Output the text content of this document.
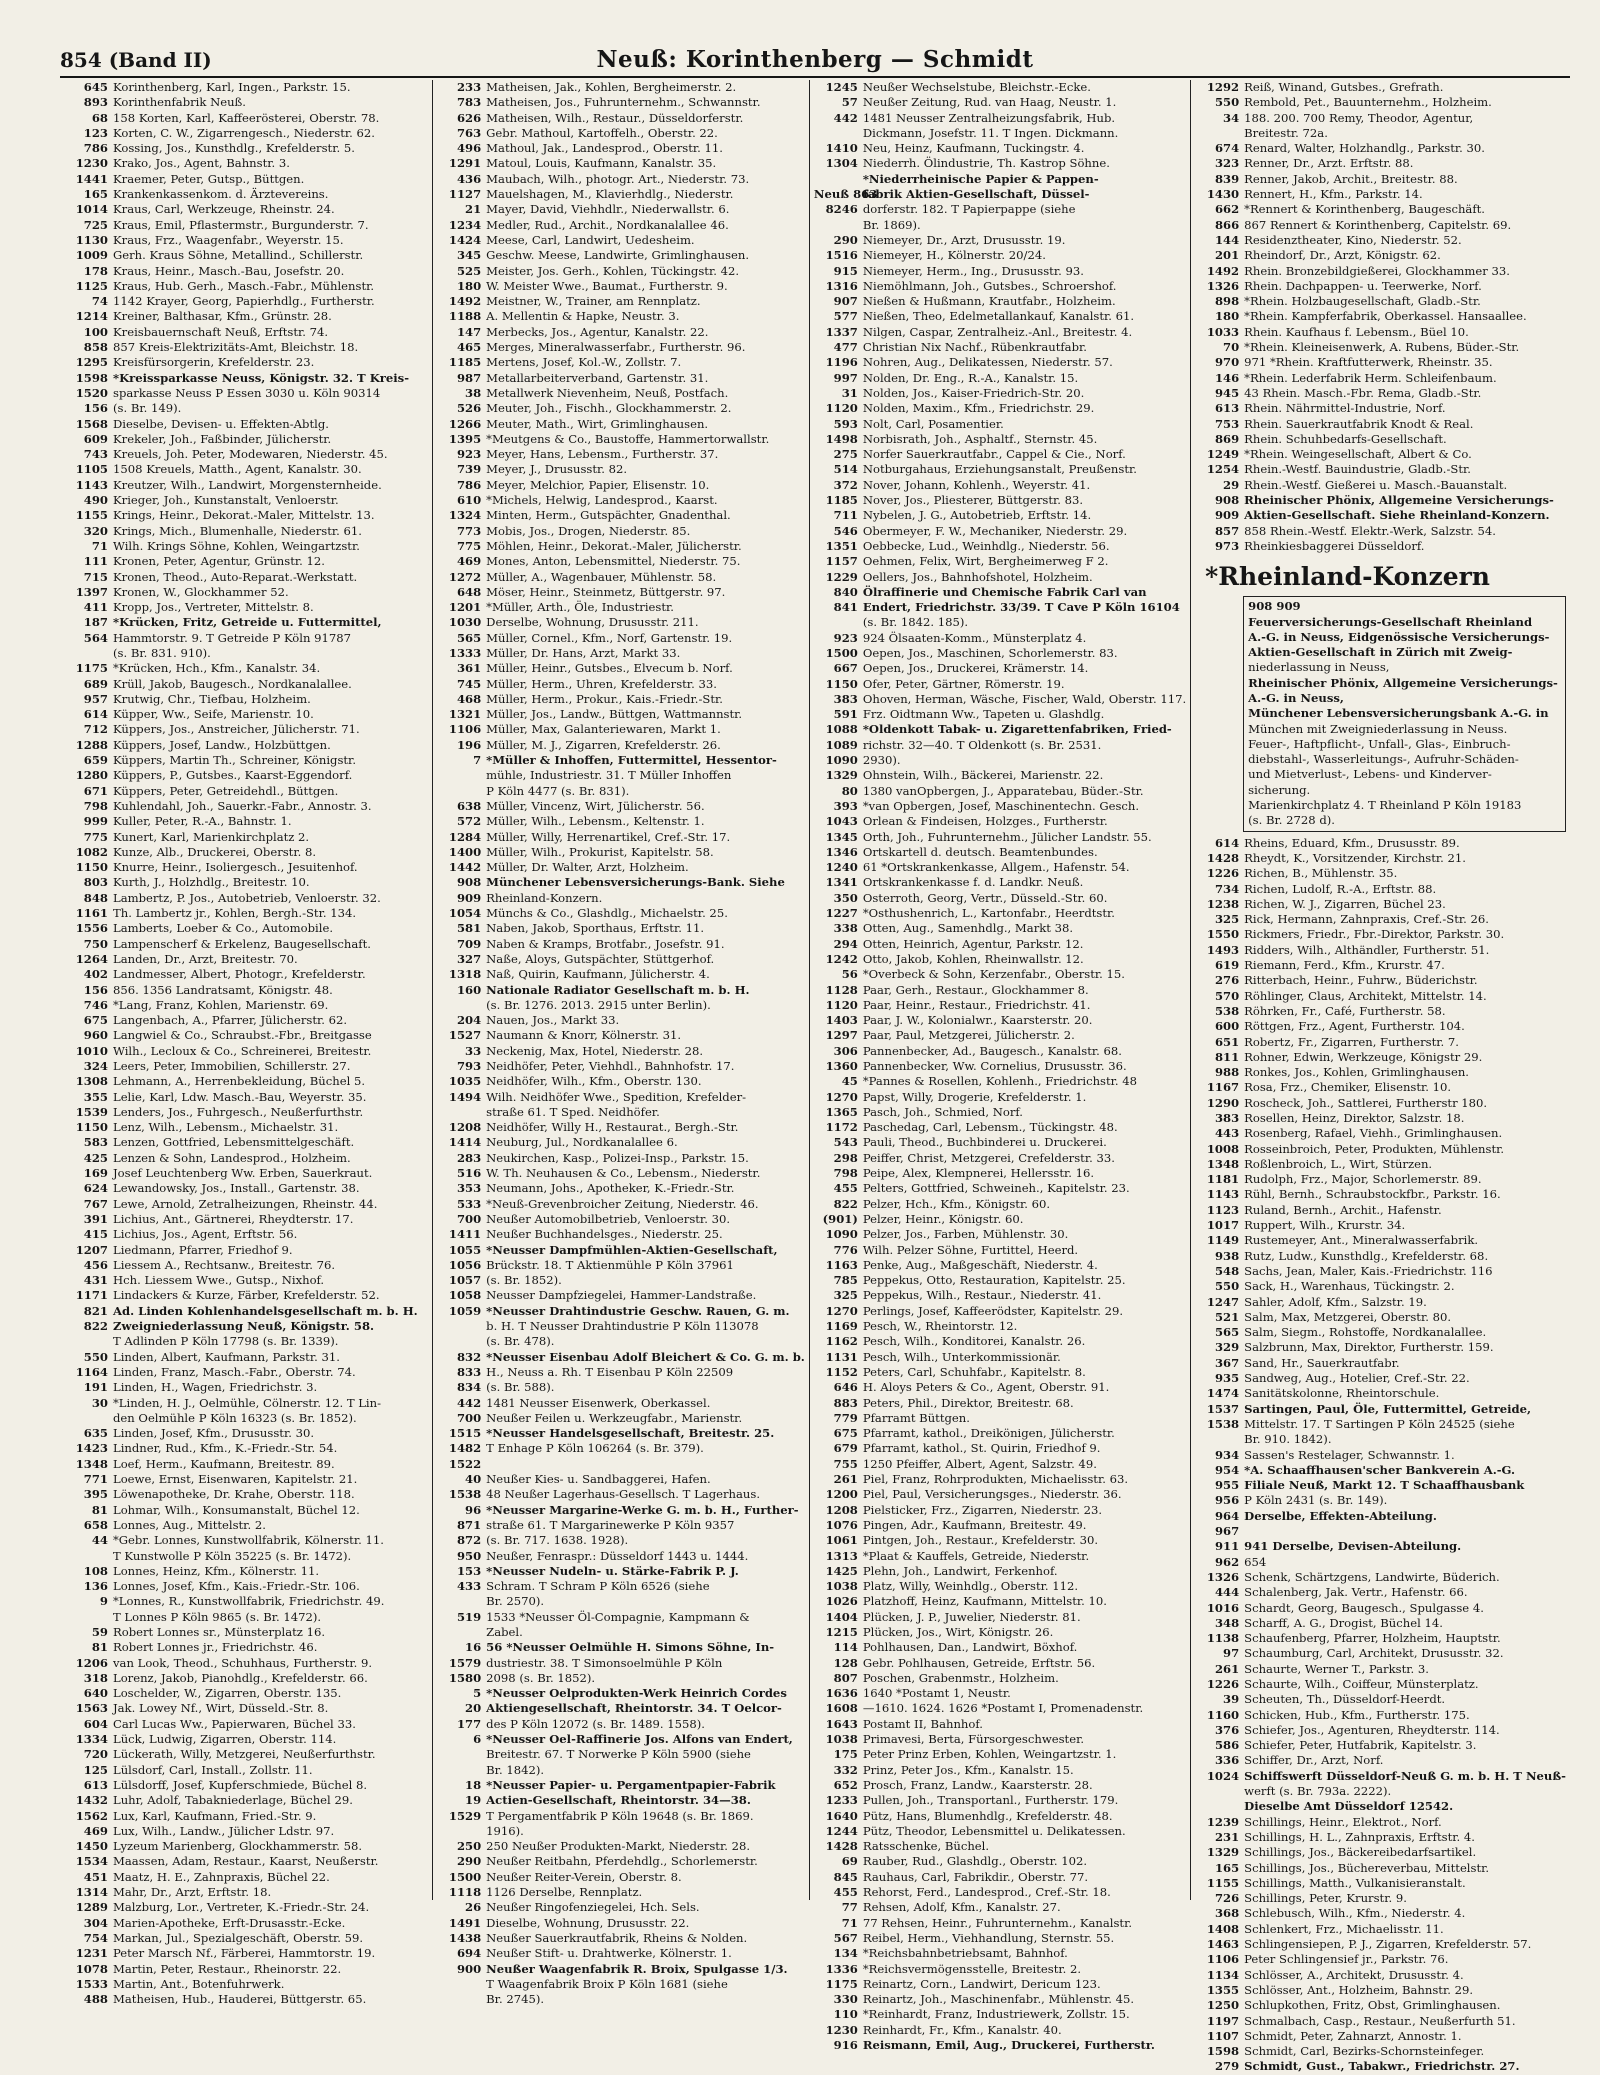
854 (Band II)	Neuß: Korinthenberg — Schmidt
645 Korinthenberg, Karl, Ingen., Parkstr. 15.
893 Korinthenfabrik Neuß.
68 158 Korten, Karl, Kaffeerösterei, Oberstr. 78.
123 Korten, C. W., Zigarrengesch., Niederstr. 62.
786 Kossing, Jos., Kunsthdlg., Krefelderstr. 5.
1230 Krako, Jos., Agent, Bahnstr. 3.
1441 Kraemer, Peter, Gutsp., Büttgen.
165 Krankenkassenkom. d. Ärztevereins.
1014 Kraus, Carl, Werkzeuge, Rheinstr. 24.
725 Kraus, Emil, Pflastermstr., Burgunderstr. 7.
1130 Kraus, Frz., Waagenfabr., Weyerstr. 15.
1009 Gerh. Kraus Söhne, Metallind., Schillerstr.
178 Kraus, Heinr., Masch.-Bau, Josefstr. 20.
1125 Kraus, Hub. Gerh., Masch.-Fabr., Mühlenstr.
74 1142 Krayer, Georg, Papierhdlg., Furtherstr.
1214 Kreiner, Balthasar, Kfm., Grünstr. 28.
100 Kreisbauernschaft Neuß, Erftstr. 74.
858 857 Kreis-Elektrizitäts-Amt, Bleichstr. 18.
1295 Kreisfürsorgerin, Krefelderstr. 23.
1598 *Kreissparkasse Neuss, Königstr. 32. T Kreis-
1520 sparkasse Neuss P Essen 3030 u. Köln 90314
156 (s. Br. 149).
1568 Dieselbe, Devisen- u. Effekten-Abtlg.
609 Krekeler, Joh., Faßbinder, Jülicherstr.
743 Kreuels, Joh. Peter, Modewaren, Niederstr. 45.
1105 1508 Kreuels, Matth., Agent, Kanalstr. 30.
1143 Kreutzer, Wilh., Landwirt, Morgensternheide.
490 Krieger, Joh., Kunstanstalt, Venloerstr.
1155 Krings, Heinr., Dekorat.-Maler, Mittelstr. 13.
320 Krings, Mich., Blumenhalle, Niederstr. 61.
71 Wilh. Krings Söhne, Kohlen, Weingartzstr.
111 Kronen, Peter, Agentur, Grünstr. 12.
715 Kronen, Theod., Auto-Reparat.-Werkstatt.
1397 Kronen, W., Glockhammer 52.
411 Kropp, Jos., Vertreter, Mittelstr. 8.
187 *Krücken, Fritz, Getreide u. Futtermittel,
564 Hammtorstr. 9. T Getreide P Köln 91787
(s. Br. 831. 910).
1175 *Krücken, Hch., Kfm., Kanalstr. 34.
689 Krüll, Jakob, Baugesch., Nordkanalallee.
957 Krutwig, Chr., Tiefbau, Holzheim.
614 Küpper, Ww., Seife, Marienstr. 10.
712 Küppers, Jos., Anstreicher, Jülicherstr. 71.
1288 Küppers, Josef, Landw., Holzbüttgen.
659 Küppers, Martin Th., Schreiner, Königstr.
1280 Küppers, P., Gutsbes., Kaarst-Eggendorf.
671 Küppers, Peter, Getreidehdl., Büttgen.
798 Kuhlendahl, Joh., Sauerkr.-Fabr., Annostr. 3.
999 Kuller, Peter, R.-A., Bahnstr. 1.
775 Kunert, Karl, Marienkirchplatz 2.
1082 Kunze, Alb., Druckerei, Oberstr. 8.
1150 Knurre, Heinr., Isoliergesch., Jesuitenhof.
803 Kurth, J., Holzhdlg., Breitestr. 10.
848 Lambertz, P. Jos., Autobetrieb, Venloerstr. 32.
1161 Th. Lambertz jr., Kohlen, Bergh.-Str. 134.
1556 Lamberts, Loeber & Co., Automobile.
750 Lampenscherf & Erkelenz, Baugesellschaft.
1264 Landen, Dr., Arzt, Breitestr. 70.
402 Landmesser, Albert, Photogr., Krefelderstr.
156 856. 1356 Landratsamt, Königstr. 48.
746 *Lang, Franz, Kohlen, Marienstr. 69.
675 Langenbach, A., Pfarrer, Jülicherstr. 62.
960 Langwiel & Co., Schraubst.-Fbr., Breitgasse
1010 Wilh., Lecloux & Co., Schreinerei, Breitestr.
324 Leers, Peter, Immobilien, Schillerstr. 27.
1308 Lehmann, A., Herrenbekleidung, Büchel 5.
355 Lelie, Karl, Ldw. Masch.-Bau, Weyerstr. 35.
1539 Lenders, Jos., Fuhrgesch., Neußerfurthstr.
1150 Lenz, Wilh., Lebensm., Michaelstr. 31.
583 Lenzen, Gottfried, Lebensmittelgeschäft.
425 Lenzen & Sohn, Landesprod., Holzheim.
169 Josef Leuchtenberg Ww. Erben, Sauerkraut.
624 Lewandowsky, Jos., Install., Gartenstr. 38.
767 Lewe, Arnold, Zetralheizungen, Rheinstr. 44.
391 Lichius, Ant., Gärtnerei, Rheydterstr. 17.
415 Lichius, Jos., Agent, Erftstr. 56.
1207 Liedmann, Pfarrer, Friedhof 9.
456 Liessem A., Rechtsanw., Breitestr. 76.
431 Hch. Liessem Wwe., Gutsp., Nixhof.
1171 Lindackers & Kurze, Färber, Krefelderstr. 52.
821 Ad. Linden Kohlenhandelsgesellschaft m. b. H.
822 Zweigniederlassung Neuß, Königstr. 58.
T Adlinden P Köln 17798 (s. Br. 1339).
550 Linden, Albert, Kaufmann, Parkstr. 31.
1164 Linden, Franz, Masch.-Fabr., Oberstr. 74.
191 Linden, H., Wagen, Friedrichstr. 3.
30 *Linden, H. J., Oelmühle, Cölnerstr. 12. T Lin-
den Oelmühle P Köln 16323 (s. Br. 1852).
635 Linden, Josef, Kfm., Drususstr. 30.
1423 Lindner, Rud., Kfm., K.-Friedr.-Str. 54.
1348 Loef, Herm., Kaufmann, Breitestr. 89.
771 Loewe, Ernst, Eisenwaren, Kapitelstr. 21.
395 Löwenapotheke, Dr. Krahe, Oberstr. 118.
81 Lohmar, Wilh., Konsumanstalt, Büchel 12.
658 Lonnes, Aug., Mittelstr. 2.
44 *Gebr. Lonnes, Kunstwollfabrik, Kölnerstr. 11.
T Kunstwolle P Köln 35225 (s. Br. 1472).
108 Lonnes, Heinz, Kfm., Kölnerstr. 11.
136 Lonnes, Josef, Kfm., Kais.-Friedr.-Str. 106.
9 *Lonnes, R., Kunstwollfabrik, Friedrichstr. 49.
T Lonnes P Köln 9865 (s. Br. 1472).
59 Robert Lonnes sr., Münsterplatz 16.
81 Robert Lonnes jr., Friedrichstr. 46.
1206 van Look, Theod., Schuhhaus, Furtherstr. 9.
318 Lorenz, Jakob, Pianohdlg., Krefelderstr. 66.
640 Loschelder, W., Zigarren, Oberstr. 135.
1563 Jak. Lowey Nf., Wirt, Düsseld.-Str. 8.
604 Carl Lucas Ww., Papierwaren, Büchel 33.
1334 Lück, Ludwig, Zigarren, Oberstr. 114.
720 Lückerath, Willy, Metzgerei, Neußerfurthstr.
125 Lülsdorf, Carl, Install., Zollstr. 11.
613 Lülsdorff, Josef, Kupferschmiede, Büchel 8.
1432 Luhr, Adolf, Tabakniederlage, Büchel 29.
1562 Lux, Karl, Kaufmann, Fried.-Str. 9.
469 Lux, Wilh., Landw., Jülicher Ldstr. 97.
1450 Lyzeum Marienberg, Glockhammerstr. 58.
1534 Maassen, Adam, Restaur., Kaarst, Neußerstr.
451 Maatz, H. E., Zahnpraxis, Büchel 22.
1314 Mahr, Dr., Arzt, Erftstr. 18.
1289 Malzburg, Lor., Vertreter, K.-Friedr.-Str. 24.
304 Marien-Apotheke, Erft-Drusasstr.-Ecke.
754 Markan, Jul., Spezialgeschäft, Oberstr. 59.
1231 Peter Marsch Nf., Färberei, Hammtorstr. 19.
1078 Martin, Peter, Restaur., Rheinorstr. 22.
1533 Martin, Ant., Botenfuhrwerk.
488 Matheisen, Hub., Hauderei, Büttgerstr. 65.
233 Matheisen, Jak., Kohlen, Bergheimerstr. 2.
783 Matheisen, Jos., Fuhrunternehm., Schwannstr.
626 Matheisen, Wilh., Restaur., Düsseldorferstr.
763 Gebr. Mathoul, Kartoffelh., Oberstr. 22.
496 Mathoul, Jak., Landesprod., Oberstr. 11.
1291 Matoul, Louis, Kaufmann, Kanalstr. 35.
436 Maubach, Wilh., photogr. Art., Niederstr. 73.
1127 Mauelshagen, M., Klavierhdlg., Niederstr.
21 Mayer, David, Viehhdlr., Niederwallstr. 6.
1234 Medler, Rud., Archit., Nordkanalallee 46.
1424 Meese, Carl, Landwirt, Uedesheim.
345 Geschw. Meese, Landwirte, Grimlinghausen.
525 Meister, Jos. Gerh., Kohlen, Tückingstr. 42.
180 W. Meister Wwe., Baumat., Furtherstr. 9.
1492 Meistner, W., Trainer, am Rennplatz.
1188 A. Mellentin & Hapke, Neustr. 3.
147 Merbecks, Jos., Agentur, Kanalstr. 22.
465 Merges, Mineralwasserfabr., Furtherstr. 96.
1185 Mertens, Josef, Kol.-W., Zollstr. 7.
987 Metallarbeiterverband, Gartenstr. 31.
38 Metallwerk Nievenheim, Neuß, Postfach.
526 Meuter, Joh., Fischh., Glockhammerstr. 2.
1266 Meuter, Math., Wirt, Grimlinghausen.
1395 *Meutgens & Co., Baustoffe, Hammertorwallstr.
923 Meyer, Hans, Lebensm., Furtherstr. 37.
739 Meyer, J., Drususstr. 82.
786 Meyer, Melchior, Papier, Elisenstr. 10.
610 *Michels, Helwig, Landesprod., Kaarst.
1324 Minten, Herm., Gutspächter, Gnadenthal.
773 Mobis, Jos., Drogen, Niederstr. 85.
775 Möhlen, Heinr., Dekorat.-Maler, Jülicherstr.
469 Mones, Anton, Lebensmittel, Niederstr. 75.
1272 Müller, A., Wagenbauer, Mühlenstr. 58.
648 Möser, Heinr., Steinmetz, Büttgerstr. 97.
1201 *Müller, Arth., Öle, Industriestr.
1030 Derselbe, Wohnung, Drususstr. 211.
565 Müller, Cornel., Kfm., Norf, Gartenstr. 19.
1333 Müller, Dr. Hans, Arzt, Markt 33.
361 Müller, Heinr., Gutsbes., Elvecum b. Norf.
745 Müller, Herm., Uhren, Krefelderstr. 33.
468 Müller, Herm., Prokur., Kais.-Friedr.-Str.
1321 Müller, Jos., Landw., Büttgen, Wattmannstr.
1106 Müller, Max, Galanteriewaren, Markt 1.
196 Müller, M. J., Zigarren, Krefelderstr. 26.
7 *Müller & Inhoffen, Futtermittel, Hessentor-
mühle, Industriestr. 31. T Müller Inhoffen
P Köln 4477 (s. Br. 831).
638 Müller, Vincenz, Wirt, Jülicherstr. 56.
572 Müller, Wilh., Lebensm., Keltenstr. 1.
1284 Müller, Willy, Herrenartikel, Cref.-Str. 17.
1400 Müller, Wilh., Prokurist, Kapitelstr. 58.
1442 Müller, Dr. Walter, Arzt, Holzheim.
908 Münchener Lebensversicherungs-Bank. Siehe
909 Rheinland-Konzern.
1054 Münchs & Co., Glashdlg., Michaelstr. 25.
581 Naben, Jakob, Sporthaus, Erftstr. 11.
709 Naben & Kramps, Brotfabr., Josefstr. 91.
327 Naße, Aloys, Gutspächter, Stüttgerhof.
1318 Naß, Quirin, Kaufmann, Jülicherstr. 4.
160 Nationale Radiator Gesellschaft m. b. H.
(s. Br. 1276. 2013. 2915 unter Berlin).
204 Nauen, Jos., Markt 33.
1527 Naumann & Knorr, Kölnerstr. 31.
33 Neckenig, Max, Hotel, Niederstr. 28.
793 Neidhöfer, Peter, Viehhdl., Bahnhofstr. 17.
1035 Neidhöfer, Wilh., Kfm., Oberstr. 130.
1494 Wilh. Neidhöfer Wwe., Spedition, Krefelder-
straße 61. T Sped. Neidhöfer.
1208 Neidhöfer, Willy H., Restaurat., Bergh.-Str.
1414 Neuburg, Jul., Nordkanalallee 6.
283 Neukirchen, Kasp., Polizei-Insp., Parkstr. 15.
516 W. Th. Neuhausen & Co., Lebensm., Niederstr.
353 Neumann, Johs., Apotheker, K.-Friedr.-Str.
533 *Neuß-Grevenbroicher Zeitung, Niederstr. 46.
700 Neußer Automobilbetrieb, Venloerstr. 30.
1411 Neußer Buchhandelsges., Niederstr. 25.
1055 *Neusser Dampfmühlen-Aktien-Gesellschaft,
1056 Brückstr. 18. T Aktienmühle P Köln 37961
1057 (s. Br. 1852).
1058 Neusser Dampfziegelei, Hammer-Landstraße.
1059 *Neusser Drahtindustrie Geschw. Rauen, G. m.
b. H. T Neusser Drahtindustrie P Köln 113078
(s. Br. 478).
832 *Neusser Eisenbau Adolf Bleichert & Co. G. m. b.
833 H., Neuss a. Rh. T Eisenbau P Köln 22509
834 (s. Br. 588).
442 1481 Neusser Eisenwerk, Oberkassel.
700 Neußer Feilen u. Werkzeugfabr., Marienstr.
1515 *Neusser Handelsgesellschaft, Breitestr. 25.
1482 T Enhage P Köln 106264 (s. Br. 379).
1522
40 Neußer Kies- u. Sandbaggerei, Hafen.
1538 48 Neußer Lagerhaus-Gesellsch. T Lagerhaus.
96 *Neusser Margarine-Werke G. m. b. H., Further-
871 straße 61. T Margarinewerke P Köln 9357
872 (s. Br. 717. 1638. 1928).
950 Neußer, Fenraspr.: Düsseldorf 1443 u. 1444.
153 *Neusser Nudeln- u. Stärke-Fabrik P. J.
433 Schram. T Schram P Köln 6526 (siehe
Br. 2570).
519 1533 *Neusser Öl-Compagnie, Kampmann &
Zabel.
16 56 *Neusser Oelmühle H. Simons Söhne, In-
1579 dustriestr. 38. T Simonsoelmühle P Köln
1580 2098 (s. Br. 1852).
5 *Neusser Oelprodukten-Werk Heinrich Cordes
20 Aktiengesellschaft, Rheintorstr. 34. T Oelcor-
177 des P Köln 12072 (s. Br. 1489. 1558).
6 *Neusser Oel-Raffinerie Jos. Alfons van Endert,
Breitestr. 67. T Norwerke P Köln 5900 (siehe
Br. 1842).
18 *Neusser Papier- u. Pergamentpapier-Fabrik
19 Actien-Gesellschaft, Rheintorstr. 34—38.
1529 T Pergamentfabrik P Köln 19648 (s. Br. 1869.
1916).
250 250 Neußer Produkten-Markt, Niederstr. 28.
290 Neußer Reitbahn, Pferdehdlg., Schorlemerstr.
1500 Neußer Reiter-Verein, Oberstr. 8.
1118 1126 Derselbe, Rennplatz.
26 Neußer Ringofenziegelei, Hch. Sels.
1491 Dieselbe, Wohnung, Drususstr. 22.
1438 Neußer Sauerkrautfabrik, Rheins & Nolden.
694 Neußer Stift- u. Drahtwerke, Kölnerstr. 1.
900 Neußer Waagenfabrik R. Broix, Spulgasse 1/3.
T Waagenfabrik Broix P Köln 1681 (siehe
Br. 2745).
1245 Neußer Wechselstube, Bleichstr.-Ecke.
57 Neußer Zeitung, Rud. van Haag, Neustr. 1.
442 1481 Neusser Zentralheizungsfabrik, Hub.
Dickmann, Josefstr. 11. T Ingen. Dickmann.
1410 Neu, Heinz, Kaufmann, Tuckingstr. 4.
1304 Niederrh. Ölindustrie, Th. Kastrop Söhne.
*Niederrheinische Papier & Pappen-
Neuß 863
fabrik Aktien-Gesellschaft, Düssel-
8246 dorferstr. 182. T Papierpappe (siehe
Br. 1869).
290 Niemeyer, Dr., Arzt, Drususstr. 19.
1516 Niemeyer, H., Kölnerstr. 20/24.
915 Niemeyer, Herm., Ing., Drususstr. 93.
1316 Niemöhlmann, Joh., Gutsbes., Schroershof.
907 Nießen & Hußmann, Krautfabr., Holzheim.
577 Nießen, Theo, Edelmetallankauf, Kanalstr. 61.
1337 Nilgen, Caspar, Zentralheiz.-Anl., Breitestr. 4.
477 Christian Nix Nachf., Rübenkrautfabr.
1196 Nohren, Aug., Delikatessen, Niederstr. 57.
997 Nolden, Dr. Eng., R.-A., Kanalstr. 15.
31 Nolden, Jos., Kaiser-Friedrich-Str. 20.
1120 Nolden, Maxim., Kfm., Friedrichstr. 29.
593 Nolt, Carl, Posamentier.
1498 Norbisrath, Joh., Asphaltf., Sternstr. 45.
275 Norfer Sauerkrautfabr., Cappel & Cie., Norf.
514 Notburgahaus, Erziehungsanstalt, Preußenstr.
372 Nover, Johann, Kohlenh., Weyerstr. 41.
1185 Nover, Jos., Pliesterer, Büttgerstr. 83.
711 Nybelen, J. G., Autobetrieb, Erftstr. 14.
546 Obermeyer, F. W., Mechaniker, Niederstr. 29.
1351 Oebbecke, Lud., Weinhdlg., Niederstr. 56.
1157 Oehmen, Felix, Wirt, Bergheimerweg F 2.
1229 Oellers, Jos., Bahnhofshotel, Holzheim.
840 Ölraffinerie und Chemische Fabrik Carl van
841 Endert, Friedrichstr. 33/39. T Cave P Köln 16104
(s. Br. 1842. 185).
923 924 Ölsaaten-Komm., Münsterplatz 4.
1500 Oepen, Jos., Maschinen, Schorlemerstr. 83.
667 Oepen, Jos., Druckerei, Krämerstr. 14.
1150 Ofer, Peter, Gärtner, Römerstr. 19.
383 Ohoven, Herman, Wäsche, Fischer, Wald, Oberstr. 117.
591 Frz. Oidtmann Ww., Tapeten u. Glashdlg.
1088 *Oldenkott Tabak- u. Zigarettenfabriken, Fried-
1089 richstr. 32—40. T Oldenkott (s. Br. 2531.
1090 2930).
1329 Ohnstein, Wilh., Bäckerei, Marienstr. 22.
80 1380 vanOpbergen, J., Apparatebau, Büder.-Str.
393 *van Opbergen, Josef, Maschinentechn. Gesch.
1043 Orlean & Findeisen, Holzges., Furtherstr.
1345 Orth, Joh., Fuhrunternehm., Jülicher Landstr. 55.
1346 Ortskartell d. deutsch. Beamtenbundes.
1240 61 *Ortskrankenkasse, Allgem., Hafenstr. 54.
1341 Ortskrankenkasse f. d. Landkr. Neuß.
350 Osterroth, Georg, Vertr., Düsseld.-Str. 60.
1227 *Osthushenrich, L., Kartonfabr., Heerdtstr.
338 Otten, Aug., Samenhdlg., Markt 38.
294 Otten, Heinrich, Agentur, Parkstr. 12.
1242 Otto, Jakob, Kohlen, Rheinwallstr. 12.
56 *Overbeck & Sohn, Kerzenfabr., Oberstr. 15.
1128 Paar, Gerh., Restaur., Glockhammer 8.
1120 Paar, Heinr., Restaur., Friedrichstr. 41.
1403 Paar, J. W., Kolonialwr., Kaarsterstr. 20.
1297 Paar, Paul, Metzgerei, Jülicherstr. 2.
306 Pannenbecker, Ad., Baugesch., Kanalstr. 68.
1360 Pannenbecker, Ww. Cornelius, Drususstr. 36.
45 *Pannes & Rosellen, Kohlenh., Friedrichstr. 48
1270 Papst, Willy, Drogerie, Krefelderstr. 1.
1365 Pasch, Joh., Schmied, Norf.
1172 Paschedag, Carl, Lebensm., Tückingstr. 48.
543 Pauli, Theod., Buchbinderei u. Druckerei.
298 Peiffer, Christ, Metzgerei, Crefelderstr. 33.
798 Peipe, Alex, Klempnerei, Hellersstr. 16.
455 Pelters, Gottfried, Schweineh., Kapitelstr. 23.
822 Pelzer, Hch., Kfm., Königstr. 60.
(901) Pelzer, Heinr., Königstr. 60.
1090 Pelzer, Jos., Farben, Mühlenstr. 30.
776 Wilh. Pelzer Söhne, Furtittel, Heerd.
1163 Penke, Aug., Maßgeschäft, Niederstr. 4.
785 Peppekus, Otto, Restauration, Kapitelstr. 25.
325 Peppekus, Wilh., Restaur., Niederstr. 41.
1270 Perlings, Josef, Kaffeerödster, Kapitelstr. 29.
1169 Pesch, W., Rheintorstr. 12.
1162 Pesch, Wilh., Konditorei, Kanalstr. 26.
1131 Pesch, Wilh., Unterkommissionär.
1152 Peters, Carl, Schuhfabr., Kapitelstr. 8.
646 H. Aloys Peters & Co., Agent, Oberstr. 91.
883 Peters, Phil., Direktor, Breitestr. 68.
779 Pfarramt Büttgen.
675 Pfarramt, kathol., Dreikönigen, Jülicherstr.
679 Pfarramt, kathol., St. Quirin, Friedhof 9.
755 1250 Pfeiffer, Albert, Agent, Salzstr. 49.
261 Piel, Franz, Rohrprodukten, Michaelisstr. 63.
1200 Piel, Paul, Versicherungsges., Niederstr. 36.
1208 Pielsticker, Frz., Zigarren, Niederstr. 23.
1076 Pingen, Adr., Kaufmann, Breitestr. 49.
1061 Pintgen, Joh., Restaur., Krefelderstr. 30.
1313 *Plaat & Kauffels, Getreide, Niederstr.
1425 Plehn, Joh., Landwirt, Ferkenhof.
1038 Platz, Willy, Weinhdlg., Oberstr. 112.
1026 Platzhoff, Heinz, Kaufmann, Mittelstr. 10.
1404 Plücken, J. P., Juwelier, Niederstr. 81.
1215 Plücken, Jos., Wirt, Königstr. 26.
114 Pohlhausen, Dan., Landwirt, Böxhof.
128 Gebr. Pohlhausen, Getreide, Erftstr. 56.
807 Poschen, Grabenmstr., Holzheim.
1636 1640 *Postamt 1, Neustr.
1608 —1610. 1624. 1626 *Postamt I, Promenadenstr.
1643 Postamt II, Bahnhof.
1038 Primavesi, Berta, Fürsorgeschwester.
175 Peter Prinz Erben, Kohlen, Weingartzstr. 1.
332 Prinz, Peter Jos., Kfm., Kanalstr. 15.
652 Prosch, Franz, Landw., Kaarsterstr. 28.
1233 Pullen, Joh., Transportanl., Furtherstr. 179.
1640 Pütz, Hans, Blumenhdlg., Krefelderstr. 48.
1244 Pütz, Theodor, Lebensmittel u. Delikatessen.
1428 Ratsschenke, Büchel.
69 Rauber, Rud., Glashdlg., Oberstr. 102.
845 Rauhaus, Carl, Fabrikdir., Oberstr. 77.
455 Rehorst, Ferd., Landesprod., Cref.-Str. 18.
77 Rehsen, Adolf, Kfm., Kanalstr. 27.
71 77 Rehsen, Heinr., Fuhrunternehm., Kanalstr.
567 Reibel, Herm., Viehhandlung, Sternstr. 55.
134 *Reichsbahnbetriebsamt, Bahnhof.
1336 *Reichsvermögensstelle, Breitestr. 2.
1175 Reinartz, Corn., Landwirt, Dericum 123.
330 Reinartz, Joh., Maschinenfabr., Mühlenstr. 45.
110 *Reinhardt, Franz, Industriewerk, Zollstr. 15.
1230 Reinhardt, Fr., Kfm., Kanalstr. 40.
916 Reismann, Emil, Aug., Druckerei, Furtherstr.
1292 Reiß, Winand, Gutsbes., Grefrath.
550 Rembold, Pet., Bauunternehm., Holzheim.
34 188. 200. 700 Remy, Theodor, Agentur,
Breitestr. 72a.
674 Renard, Walter, Holzhandlg., Parkstr. 30.
323 Renner, Dr., Arzt. Erftstr. 88.
839 Renner, Jakob, Archit., Breitestr. 88.
1430 Rennert, H., Kfm., Parkstr. 14.
662 *Rennert & Korinthenberg, Baugeschäft.
866 867 Rennert & Korinthenberg, Capitelstr. 69.
144 Residenztheater, Kino, Niederstr. 52.
201 Rheindorf, Dr., Arzt, Königstr. 62.
1492 Rhein. Bronzebildgießerei, Glockhammer 33.
1326 Rhein. Dachpappen- u. Teerwerke, Norf.
898 *Rhein. Holzbaugesellschaft, Gladb.-Str.
180 *Rhein. Kampferfabrik, Oberkassel. Hansaallee.
1033 Rhein. Kaufhaus f. Lebensm., Büel 10.
70 *Rhein. Kleineisenwerk, A. Rubens, Büder.-Str.
970 971 *Rhein. Kraftfutterwerk, Rheinstr. 35.
146 *Rhein. Lederfabrik Herm. Schleifenbaum.
945 43 Rhein. Masch.-Fbr. Rema, Gladb.-Str.
613 Rhein. Nährmittel-Industrie, Norf.
753 Rhein. Sauerkrautfabrik Knodt & Real.
869 Rhein. Schuhbedarfs-Gesellschaft.
1249 *Rhein. Weingesellschaft, Albert & Co.
1254 Rhein.-Westf. Bauindustrie, Gladb.-Str.
29 Rhein.-Westf. Gießerei u. Masch.-Bauanstalt.
908 Rheinischer Phönix, Allgemeine Versicherungs-
909 Aktien-Gesellschaft. Siehe Rheinland-Konzern.
857 858 Rhein.-Westf. Elektr.-Werk, Salzstr. 54.
973 Rheinkiesbaggerei Düsseldorf.
*Rheinland-Konzern

908 909

Feuerversicherungs-Gesellschaft Rheinland

A.-G. in Neuss, Eidgenössische Versicherungs-

Aktien-Gesellschaft in Zürich mit Zweig-

niederlassung in Neuss,

Rheinischer Phönix, Allgemeine Versicherungs-

A.-G. in Neuss,

Münchener Lebensversicherungsbank A.-G. in

München mit Zweigniederlassung in Neuss.

Feuer-, Haftpflicht-, Unfall-, Glas-, Einbruch-

diebstahl-, Wasserleitungs-, Aufruhr-Schäden-

und Mietverlust-, Lebens- und Kinderver-

sicherung.

Marienkirchplatz 4. T Rheinland P Köln 19183

(s. Br. 2728 d).

614 Rheins, Eduard, Kfm., Drususstr. 89.
1428 Rheydt, K., Vorsitzender, Kirchstr. 21.
1226 Richen, B., Mühlenstr. 35.
734 Richen, Ludolf, R.-A., Erftstr. 88.
1238 Richen, W. J., Zigarren, Büchel 23.
325 Rick, Hermann, Zahnpraxis, Cref.-Str. 26.
1550 Rickmers, Friedr., Fbr.-Direktor, Parkstr. 30.
1493 Ridders, Wilh., Althändler, Furtherstr. 51.
619 Riemann, Ferd., Kfm., Krurstr. 47.
276 Ritterbach, Heinr., Fuhrw., Büderichstr.
570 Röhlinger, Claus, Architekt, Mittelstr. 14.
538 Röhrken, Fr., Café, Furtherstr. 58.
600 Röttgen, Frz., Agent, Furtherstr. 104.
651 Robertz, Fr., Zigarren, Furtherstr. 7.
811 Rohner, Edwin, Werkzeuge, Königstr 29.
988 Ronkes, Jos., Kohlen, Grimlinghausen.
1167 Rosa, Frz., Chemiker, Elisenstr. 10.
1290 Roscheck, Joh., Sattlerei, Furtherstr 180.
383 Rosellen, Heinz, Direktor, Salzstr. 18.
443 Rosenberg, Rafael, Viehh., Grimlinghausen.
1008 Rosseinbroich, Peter, Produkten, Mühlenstr.
1348 Roßlenbroich, L., Wirt, Stürzen.
1181 Rudolph, Frz., Major, Schorlemerstr. 89.
1143 Rühl, Bernh., Schraubstockfbr., Parkstr. 16.
1123 Ruland, Bernh., Archit., Hafenstr.
1017 Ruppert, Wilh., Krurstr. 34.
1149 Rustemeyer, Ant., Mineralwasserfabrik.
938 Rutz, Ludw., Kunsthdlg., Krefelderstr. 68.
548 Sachs, Jean, Maler, Kais.-Friedrichstr. 116
550 Sack, H., Warenhaus, Tückingstr. 2.
1247 Sahler, Adolf, Kfm., Salzstr. 19.
521 Salm, Max, Metzgerei, Oberstr. 80.
565 Salm, Siegm., Rohstoffe, Nordkanalallee.
329 Salzbrunn, Max, Direktor, Furtherstr. 159.
367 Sand, Hr., Sauerkrautfabr.
935 Sandweg, Aug., Hotelier, Cref.-Str. 22.
1474 Sanitätskolonne, Rheintorschule.
1537 Sartingen, Paul, Öle, Futtermittel, Getreide,
1538 Mittelstr. 17. T Sartingen P Köln 24525 (siehe
Br. 910. 1842).
934 Sassen's Restelager, Schwannstr. 1.
954 *A. Schaaffhausen'scher Bankverein A.-G.
955 Filiale Neuß, Markt 12. T Schaaffhausbank
956 P Köln 2431 (s. Br. 149).
964 Derselbe, Effekten-Abteilung.
967
911 941 Derselbe, Devisen-Abteilung.
962 654
1326 Schenk, Schärtzgens, Landwirte, Büderich.
444 Schalenberg, Jak. Vertr., Hafenstr. 66.
1016 Schardt, Georg, Baugesch., Spulgasse 4.
348 Scharff, A. G., Drogist, Büchel 14.
1138 Schaufenberg, Pfarrer, Holzheim, Hauptstr.
97 Schaumburg, Carl, Architekt, Drususstr. 32.
261 Schaurte, Werner T., Parkstr. 3.
1226 Schaurte, Wilh., Coiffeur, Münsterplatz.
39 Scheuten, Th., Düsseldorf-Heerdt.
1160 Schicken, Hub., Kfm., Furtherstr. 175.
376 Schiefer, Jos., Agenturen, Rheydterstr. 114.
586 Schiefer, Peter, Hutfabrik, Kapitelstr. 3.
336 Schiffer, Dr., Arzt, Norf.
1024 Schiffswerft Düsseldorf-Neuß G. m. b. H. T Neuß-
werft (s. Br. 793a. 2222).
Dieselbe Amt Düsseldorf 12542.
1239 Schillings, Heinr., Elektrot., Norf.
231 Schillings, H. L., Zahnpraxis, Erftstr. 4.
1329 Schillings, Jos., Bäckereibedarfsartikel.
165 Schillings, Jos., Büchereverbau, Mittelstr.
1155 Schillings, Matth., Vulkanisieranstalt.
726 Schillings, Peter, Krurstr. 9.
368 Schlebusch, Wilh., Kfm., Niederstr. 4.
1408 Schlenkert, Frz., Michaelisstr. 11.
1463 Schlingensiepen, P. J., Zigarren, Krefelderstr. 57.
1106 Peter Schlingensief jr., Parkstr. 76.
1134 Schlösser, A., Architekt, Drususstr. 4.
1355 Schlösser, Ant., Holzheim, Bahnstr. 29.
1250 Schlupkothen, Fritz, Obst, Grimlinghausen.
1197 Schmalbach, Casp., Restaur., Neußerfurth 51.
1107 Schmidt, Peter, Zahnarzt, Annostr. 1.
1598 Schmidt, Carl, Bezirks-Schornsteinfeger.
279 Schmidt, Gust., Tabakwr., Friedrichstr. 27.
